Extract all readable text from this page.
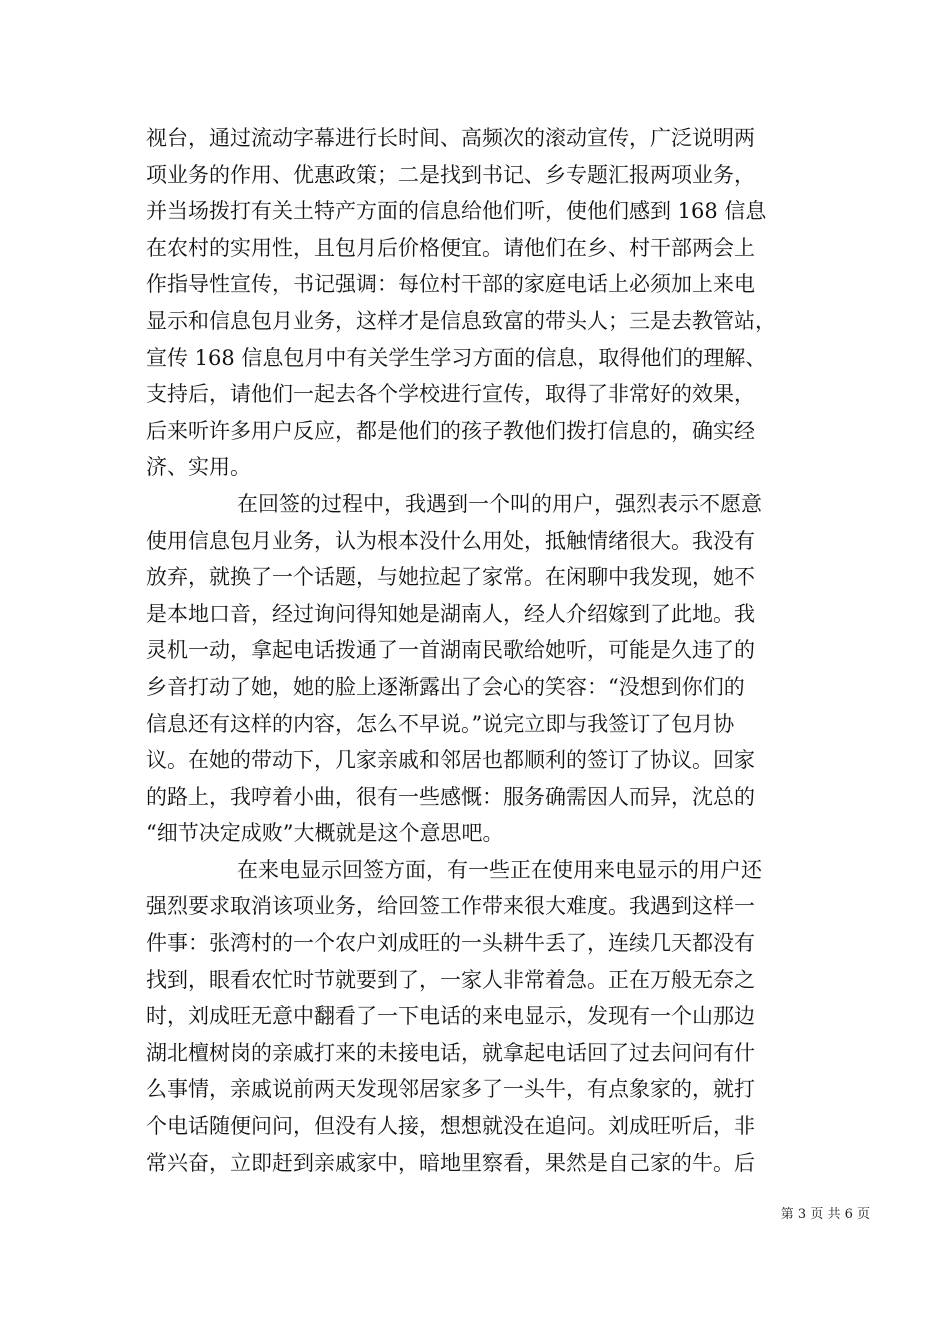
视台，通过流动字幕进行长时间、高频次的滚动宣传，广泛说明两
项业务的作用、优惠政策；二是找到书记、乡专题汇报两项业务，
并当场拨打有关土特产方面的信息给他们听，使他们感到 168 信息
在农村的实用性，且包月后价格便宜。请他们在乡、村干部两会上
作指导性宣传，书记强调：每位村干部的家庭电话上必须加上来电
显示和信息包月业务，这样才是信息致富的带头人；三是去教管站，
宣传 168 信息包月中有关学生学习方面的信息，取得他们的理解、
支持后，请他们一起去各个学校进行宣传，取得了非常好的效果，
后来听许多用户反应，都是他们的孩子教他们拨打信息的，确实经
济、实用。
在回签的过程中，我遇到一个叫的用户，强烈表示不愿意
使用信息包月业务，认为根本没什么用处，抵触情绪很大。我没有
放弃，就换了一个话题，与她拉起了家常。在闲聊中我发现，她不
是本地口音，经过询问得知她是湖南人，经人介绍嫁到了此地。我
灵机一动，拿起电话拨通了一首湖南民歌给她听，可能是久违了的
乡音打动了她，她的脸上逐渐露出了会心的笑容：“没想到你们的
信息还有这样的内容，怎么不早说。”说完立即与我签订了包月协
议。在她的带动下，几家亲戚和邻居也都顺利的签订了协议。回家
的路上，我哼着小曲，很有一些感慨：服务确需因人而异，沈总的
“细节决定成败”大概就是这个意思吧。
在来电显示回签方面，有一些正在使用来电显示的用户还
强烈要求取消该项业务，给回签工作带来很大难度。我遇到这样一
件事：张湾村的一个农户刘成旺的一头耕牛丢了，连续几天都没有
找到，眼看农忙时节就要到了，一家人非常着急。正在万般无奈之
时，刘成旺无意中翻看了一下电话的来电显示，发现有一个山那边
湖北檀树岗的亲戚打来的未接电话，就拿起电话回了过去问问有什
么事情，亲戚说前两天发现邻居家多了一头牛，有点象家的，就打
个电话随便问问，但没有人接，想想就没在追问。刘成旺听后，非
常兴奋，立即赶到亲戚家中，暗地里察看，果然是自己家的牛。后
第 3 页 共 6 页
